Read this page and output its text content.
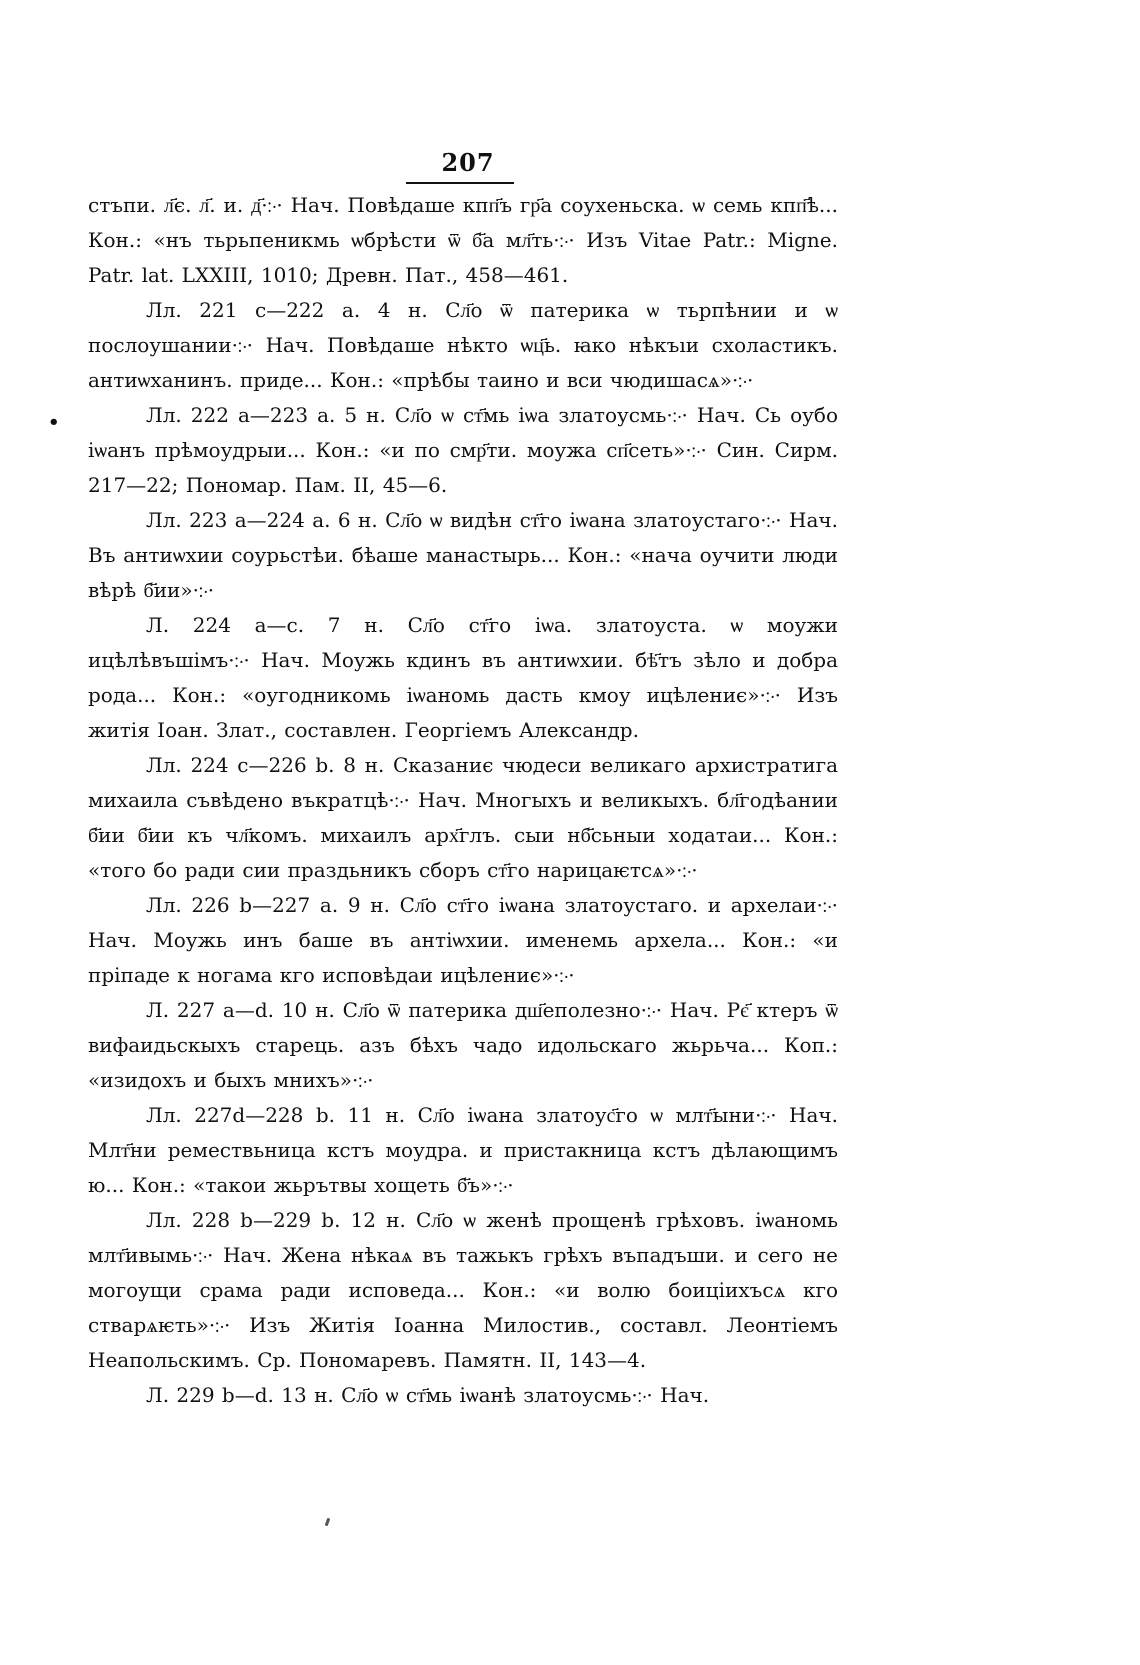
207

стъпи. л҃є. л҃. и. д҃·჻· Нач. Повѣдаше кпп҃ъ гр҃а соухеньска. ѡ семь кпп҃ѣ... Кон.: «нъ тьрьпеникмь ѡбрѣсти ѿ б҃а мл҃ть·჻· Изъ Vitae Patr.: Migne. Patr. lat. LXXIII, 1010; Древн. Пат., 458—461.

Лл. 221 с—222 а. 4 н. Сл҃о ѿ патерика ѡ тьрпѣнии и ѡ послоушании·჻· Нач. Повѣдаше нѣкто ѡц҃ь. ꙗко нѣкъıи схоластикъ. антиѡханинъ. приде... Кон.: «прѣбы таино и вси чюдишасѧ»·჻·

Лл. 222 а—223 а. 5 н. Сл҃о ѡ ст҃мь іѡа златоусмь·჻· Нач. Сь оубо іѡанъ прѣмоудрыи... Кон.: «и по смр҃ти. моужа сп҃сеть»·჻· Син. Сирм. 217—22; Пономар. Пам. II, 45—6.

Лл. 223 а—224 а. 6 н. Сл҃о ѡ видѣн ст҃го іѡана златоустаго·჻· Нач. Въ антиѡхии соурьстѣи. бѣаше манастырь... Кон.: «нача оучити люди вѣрѣ б҃ии»·჻·

Л. 224 а—с. 7 н. Сл҃о ст҃го іѡа. златоуста. ѡ моужи ицѣлѣвъшімъ·჻· Нач. Моужь кдинъ въ антиѡхии. бѣ҃тъ зѣло и добра рода... Кон.: «оугодникомь іѡаномь дасть кмоу ицѣлениє»·჻· Изъ житія Іоан. Злат., составлен. Георгіемъ Александр.

Лл. 224 с—226 b. 8 н. Сказаниє чюдеси великаго архистратига михаила съвѣдено въкратцѣ·჻· Нач. Многыхъ и великыхъ. бл҃годѣании б҃ии б҃ии къ чл҃комъ. михаилъ арх҃глъ. сыи нб҃сьныи ходатаи... Кон.: «того бо ради сии праздьникъ сборъ ст҃го нарицаѥтсѧ»·჻·

Лл. 226 b—227 а. 9 н. Сл҃о ст҃го іѡана златоустаго. и архелаи·჻· Нач. Моужь инъ бaше въ антіѡхии. именемь архела... Кон.: «и пріпаде к ногама кго исповѣдаи ицѣлениє»·჻·

Л. 227 а—d. 10 н. Сл҃о ѿ патерика дш҃еполезно·჻· Нач. Рє҃ ктеръ ѿ вифаидьскыхъ старець. азъ бѣхъ чадо идольскаго жьрьча... Коп.: «изидохъ и быхъ мнихъ»·჻·

Лл. 227d—228 b. 11 н. Сл҃о іѡана златоус҃го ѡ млт҃ыни·჻· Нач. Млт҃ни ремествьница кстъ моудра. и пристакница кстъ дѣлающимъ ю... Кон.: «такои жьрътвы хощеть б҃ъ»·჻·

Лл. 228 b—229 b. 12 н. Сл҃о ѡ женѣ прощенѣ грѣховъ. іѡаномь млт҃ивымь·჻· Нач. Жена нѣкаѧ въ тажькъ грѣхъ въпадъши. и сего не могоущи срама ради исповеда... Кон.: «и волю боиціихъсѧ кго стварѧѥть»·჻· Изъ Житія Іоанна Милостив., составл. Леонтіемъ Неапольскимъ. Ср. Пономаревъ. Памятн. II, 143—4.

Л. 229 b—d. 13 н. Сл҃о ѡ ст҃мь іѡанѣ златоусмь·჻· Нач.

•
